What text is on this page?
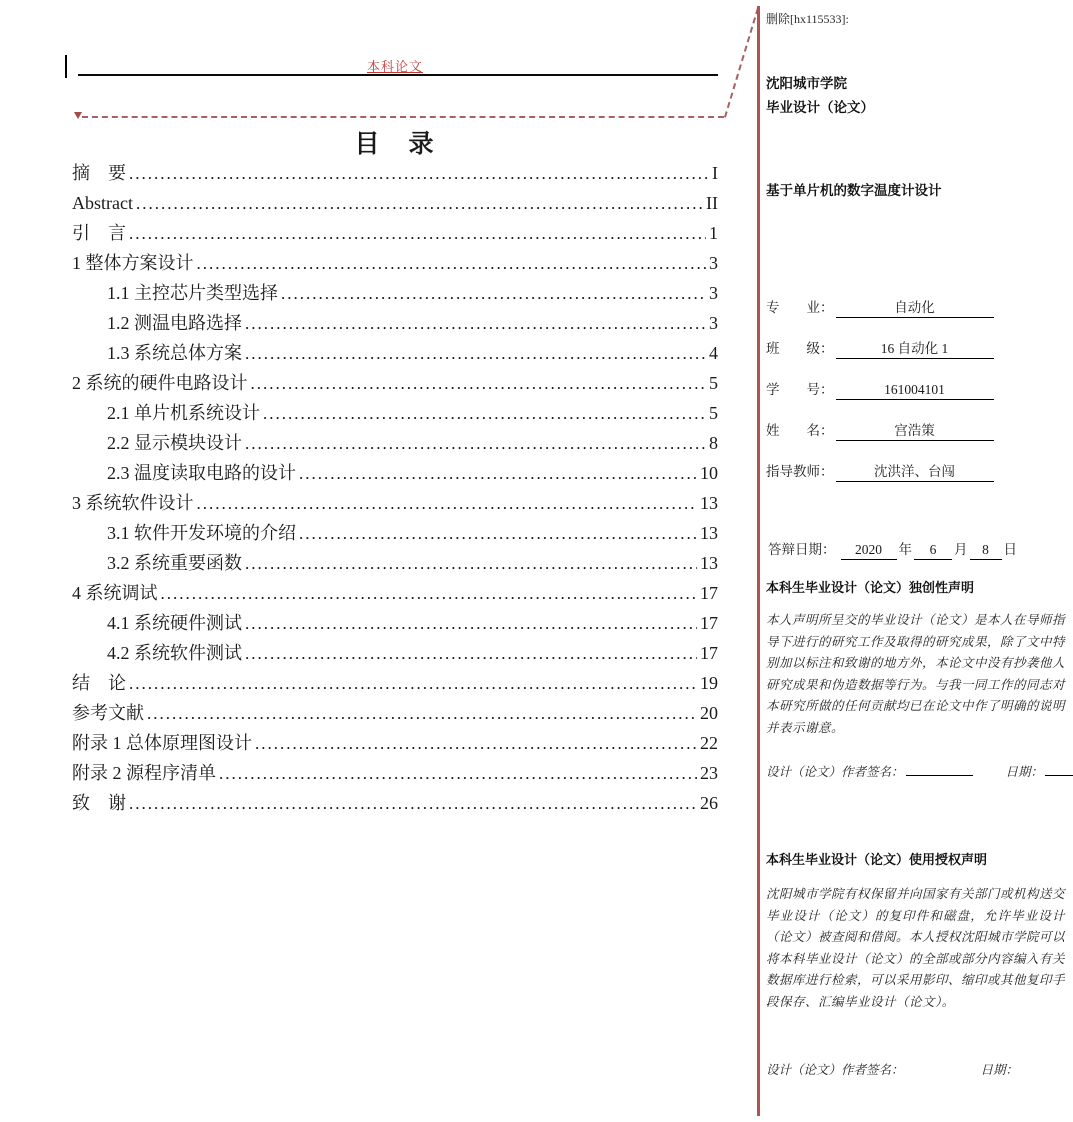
本科论文
目　录
摘　要 .....	I
Abstract .....	II
引　言 .....	1
1 整体方案设计 .....	3
1.1 主控芯片类型选择 .....	3
1.2 测温电路选择 .....	3
1.3 系统总体方案 .....	4
2 系统的硬件电路设计 .....	5
2.1 单片机系统设计 .....	5
2.2 显示模块设计 .....	8
2.3 温度读取电路的设计 .....	10
3 系统软件设计 .....	13
3.1 软件开发环境的介绍 .....	13
3.2 系统重要函数 .....	13
4 系统调试 .....	17
4.1 系统硬件测试 .....	17
4.2 系统软件测试 .....	17
结　论 .....	19
参考文献 .....	20
附录 1 总体原理图设计 .....	22
附录 2 源程序清单 .....	23
致　谢 .....	26
删除[hx115533]:
沈阳城市学院
毕业设计（论文）
基于单片机的数字温度计设计
专　　业：	自动化
班　　级：	16 自动化 1
学　　号：	161004101
姓　　名：	宫浩策
指导教师：	沈洪洋、台闯
答辩日期：	2020	年	6	月	8	日
本科生毕业设计（论文）独创性声明
本人声明所呈交的毕业设计（论文）是本人在导师指导下进行的研究工作及取得的研究成果，除了文中特别加以标注和致谢的地方外，本论文中没有抄袭他人研究成果和伪造数据等行为。与我一同工作的同志对本研究所做的任何贡献均已在论文中作了明确的说明并表示谢意。
设计（论文）作者签名：	日期：
本科生毕业设计（论文）使用授权声明
沈阳城市学院有权保留并向国家有关部门或机构送交毕业设计（论文）的复印件和磁盘，允许毕业设计（论文）被查阅和借阅。本人授权沈阳城市学院可以将本科毕业设计（论文）的全部或部分内容编入有关数据库进行检索，可以采用影印、缩印或其他复印手段保存、汇编毕业设计（论文）。
设计（论文）作者签名：	日期：
